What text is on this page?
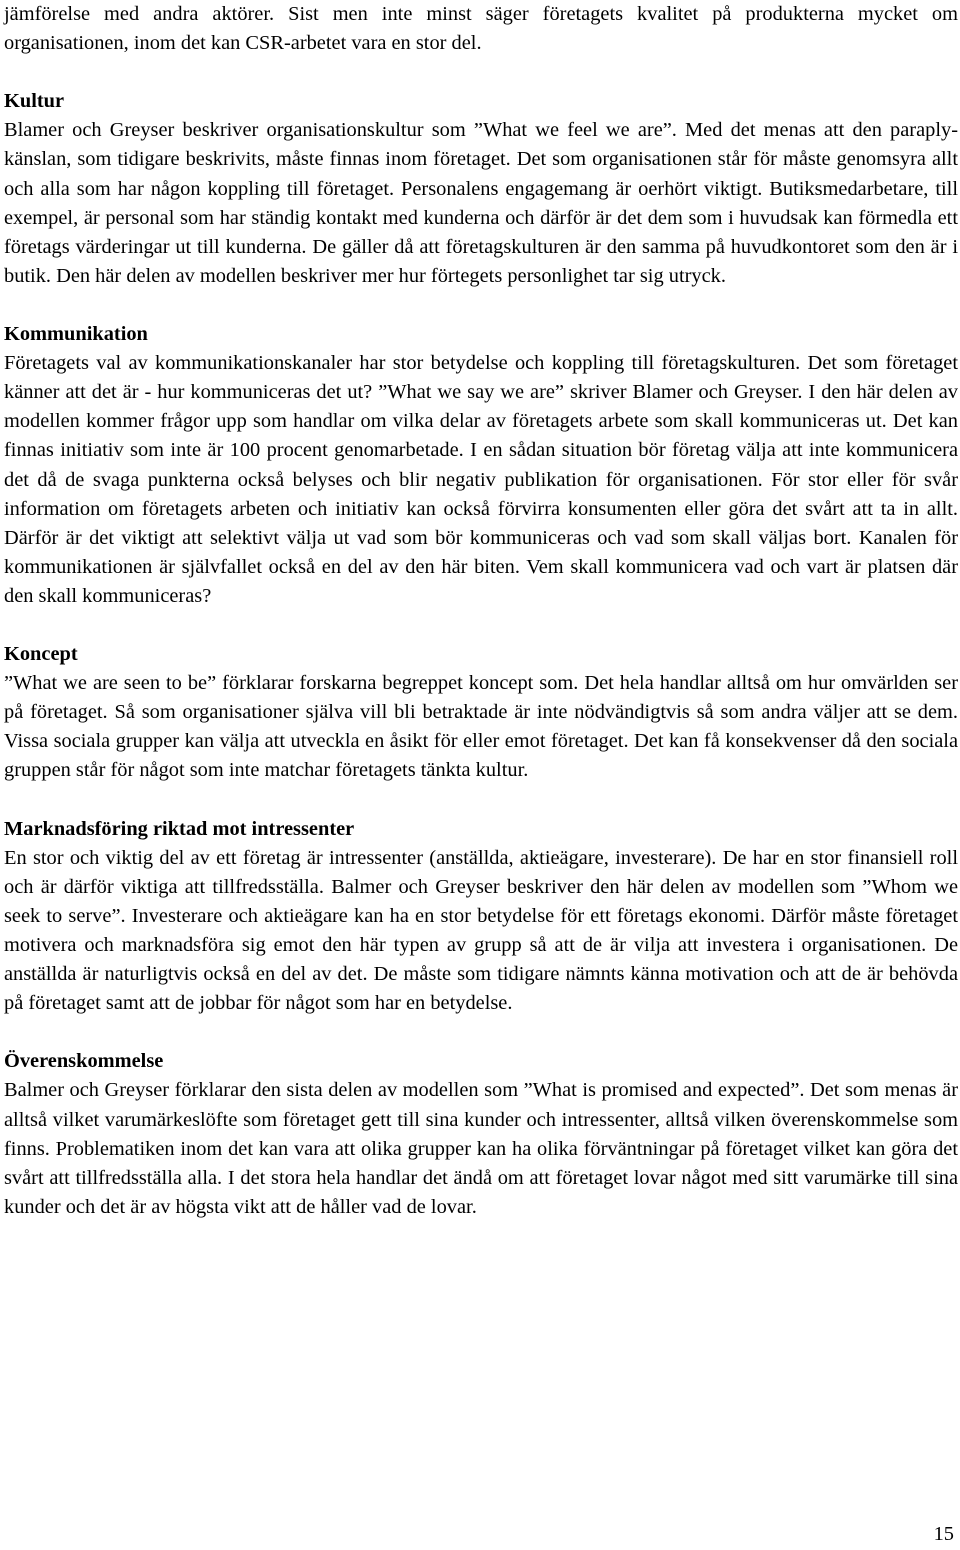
jämförelse med andra aktörer. Sist men inte minst säger företagets kvalitet på produkterna mycket om organisationen, inom det kan CSR-arbetet vara en stor del.

Kultur

Blamer och Greyser beskriver organisationskultur som ”What we feel we are”. Med det menas att den paraply-känslan, som tidigare beskrivits, måste finnas inom företaget. Det som organisationen står för måste genomsyra allt och alla som har någon koppling till företaget. Personalens engagemang är oerhört viktigt. Butiksmedarbetare, till exempel, är personal som har ständig kontakt med kunderna och därför är det dem som i huvudsak kan förmedla ett företags värderingar ut till kunderna. De gäller då att företagskulturen är den samma på huvudkontoret som den är i butik. Den här delen av modellen beskriver mer hur förtegets personlighet tar sig utryck.

Kommunikation

Företagets val av kommunikationskanaler har stor betydelse och koppling till företagskulturen. Det som företaget känner att det är - hur kommuniceras det ut? ”What we say we are” skriver Blamer och Greyser. I den här delen av modellen kommer frågor upp som handlar om vilka delar av företagets arbete som skall kommuniceras ut. Det kan finnas initiativ som inte är 100 procent genomarbetade. I en sådan situation bör företag välja att inte kommunicera det då de svaga punkterna också belyses och blir negativ publikation för organisationen. För stor eller för svår information om företagets arbeten och initiativ kan också förvirra konsumenten eller göra det svårt att ta in allt. Därför är det viktigt att selektivt välja ut vad som bör kommuniceras och vad som skall väljas bort. Kanalen för kommunikationen är självfallet också en del av den här biten. Vem skall kommunicera vad och vart är platsen där den skall kommuniceras?

Koncept

”What we are seen to be” förklarar forskarna begreppet koncept som. Det hela handlar alltså om hur omvärlden ser på företaget. Så som organisationer själva vill bli betraktade är inte nödvändigtvis så som andra väljer att se dem. Vissa sociala grupper kan välja att utveckla en åsikt för eller emot företaget. Det kan få konsekvenser då den sociala gruppen står för något som inte matchar företagets tänkta kultur.

Marknadsföring riktad mot intressenter

En stor och viktig del av ett företag är intressenter (anställda, aktieägare, investerare). De har en stor finansiell roll och är därför viktiga att tillfredsställa. Balmer och Greyser beskriver den här delen av modellen som ”Whom we seek to serve”. Investerare och aktieägare kan ha en stor betydelse för ett företags ekonomi. Därför måste företaget motivera och marknadsföra sig emot den här typen av grupp så att de är vilja att investera i organisationen. De anställda är naturligtvis också en del av det. De måste som tidigare nämnts känna motivation och att de är behövda på företaget samt att de jobbar för något som har en betydelse.

Överenskommelse

Balmer och Greyser förklarar den sista delen av modellen som ”What is promised and expected”. Det som menas är alltså vilket varumärkeslöfte som företaget gett till sina kunder och intressenter, alltså vilken överenskommelse som finns. Problematiken inom det kan vara att olika grupper kan ha olika förväntningar på företaget vilket kan göra det svårt att tillfredsställa alla. I det stora hela handlar det ändå om att företaget lovar något med sitt varumärke till sina kunder och det är av högsta vikt att de håller vad de lovar.

15
